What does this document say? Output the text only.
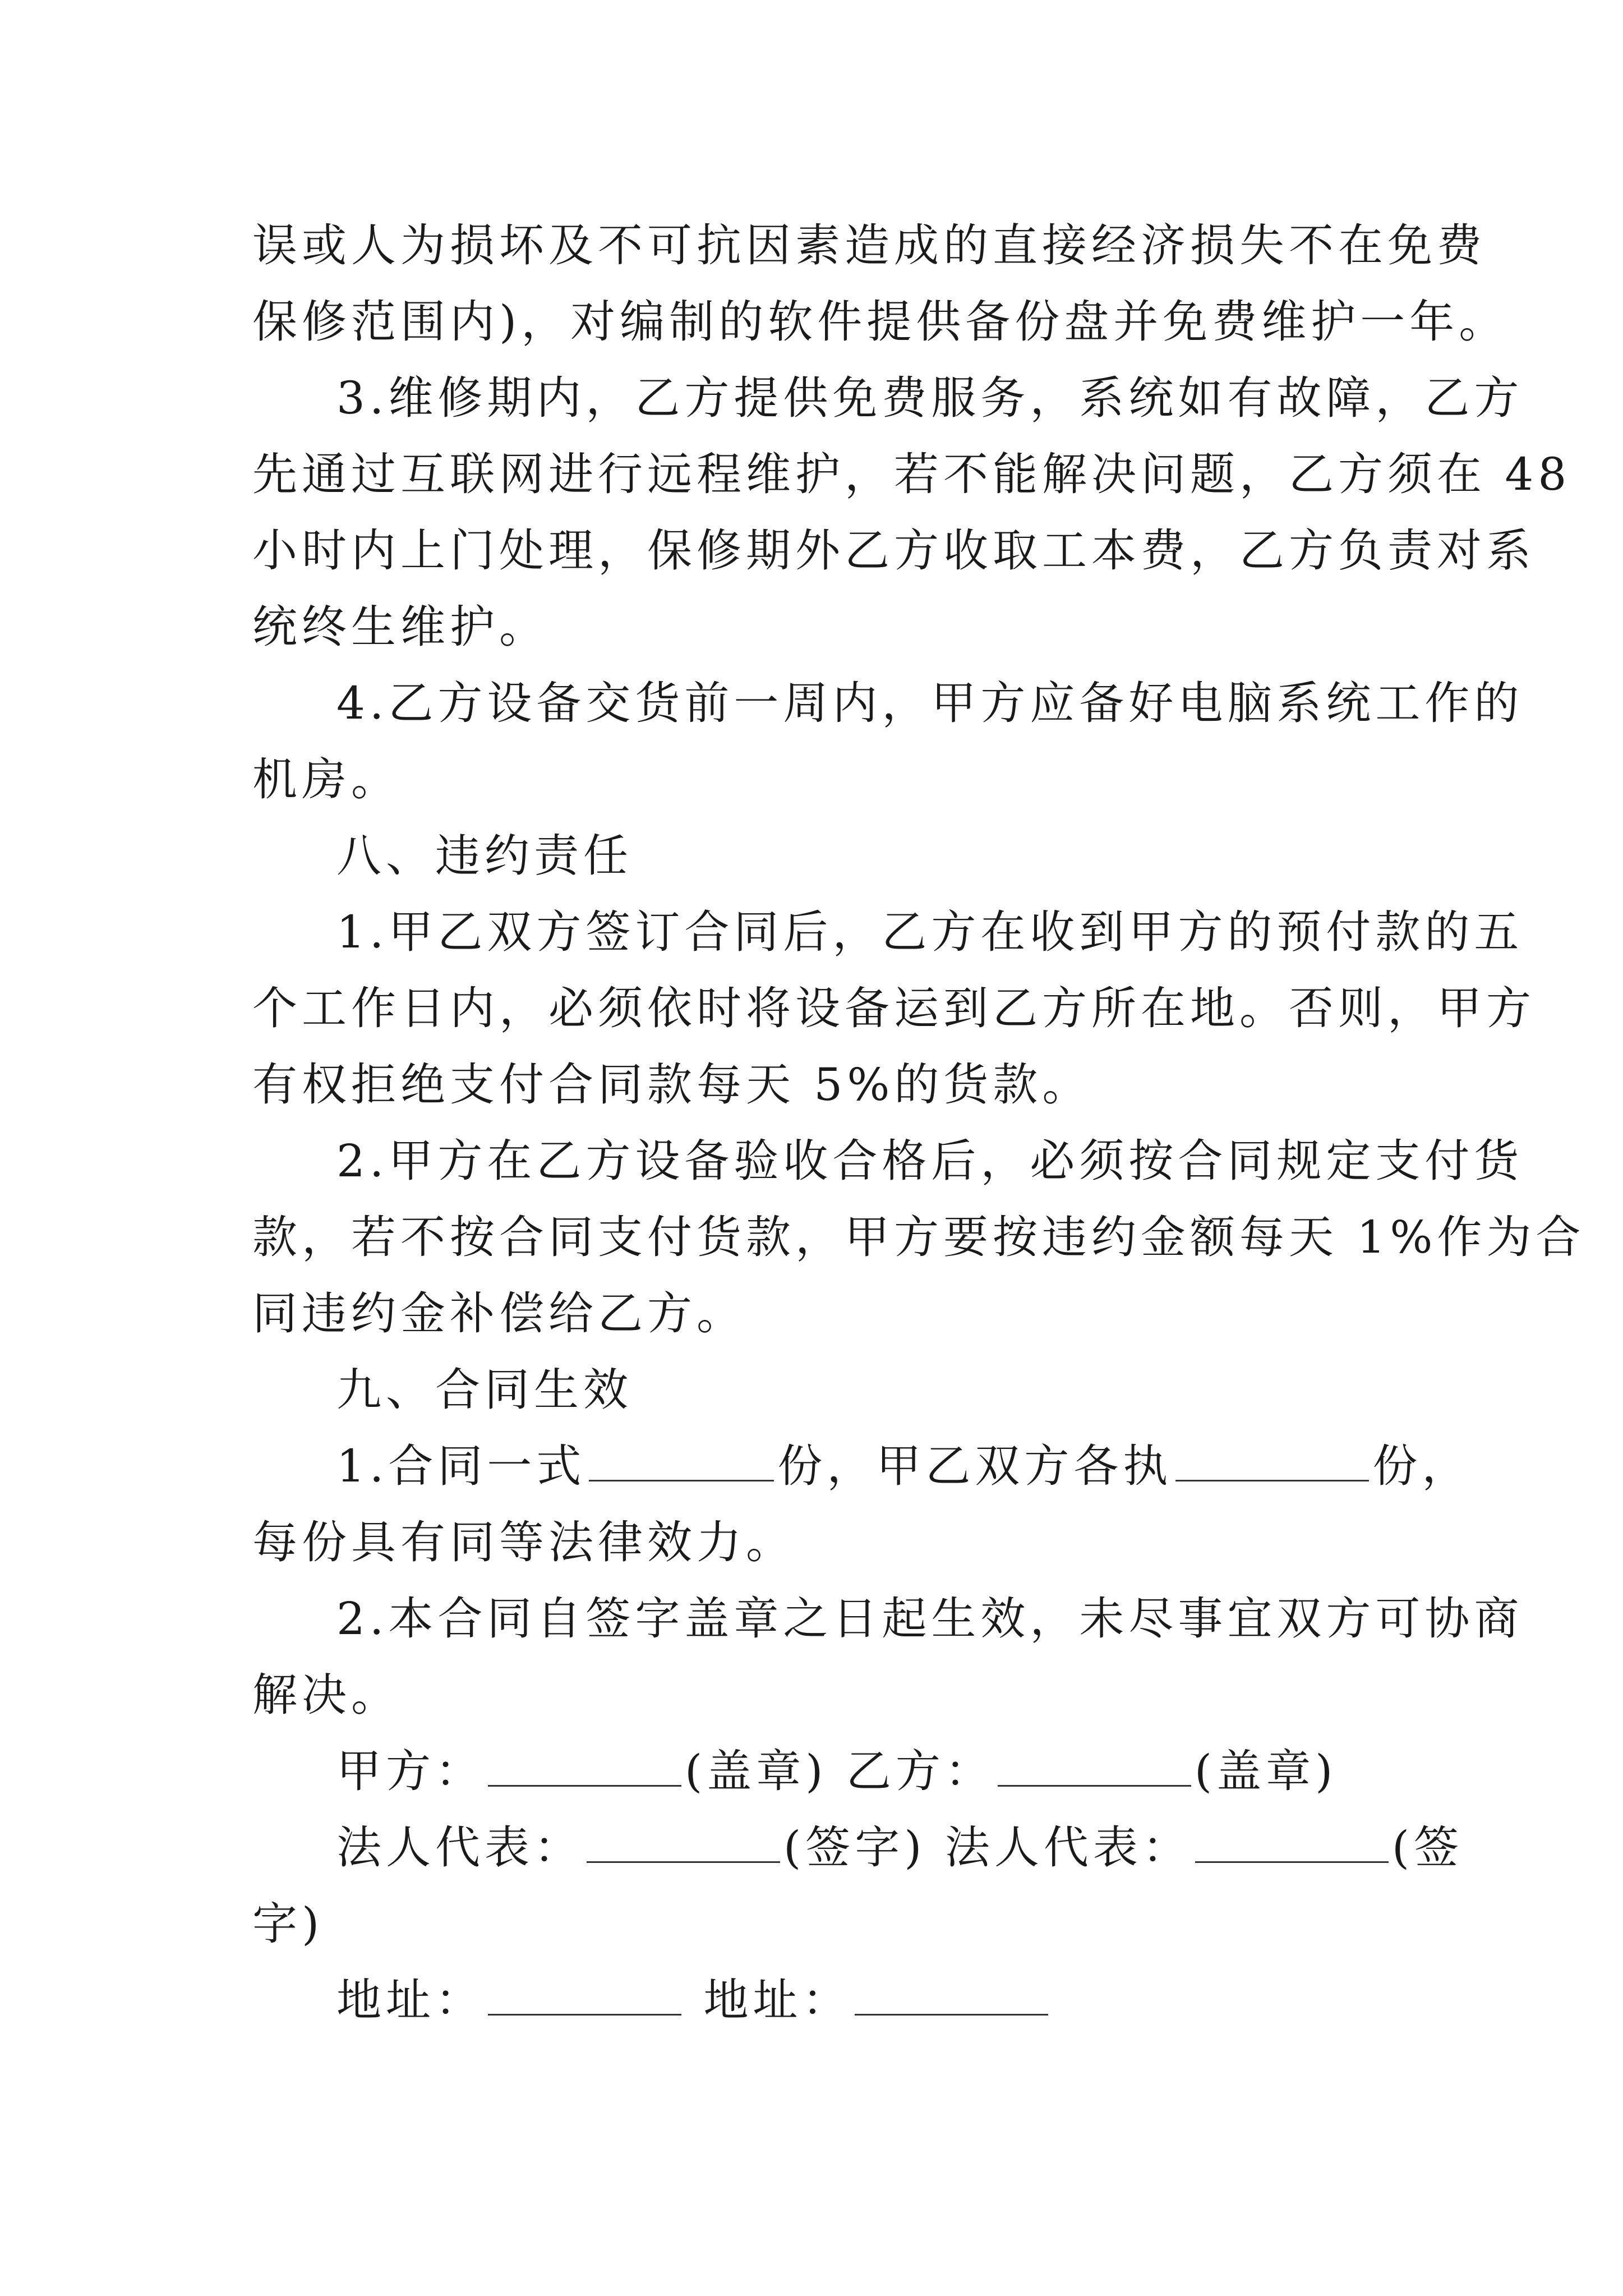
误或人为损坏及不可抗因素造成的直接经济损失不在免费
保修范围内)，对编制的软件提供备份盘并免费维护一年。
3.维修期内，乙方提供免费服务，系统如有故障，乙方
先通过互联网进行远程维护，若不能解决问题，乙方须在 48
小时内上门处理，保修期外乙方收取工本费，乙方负责对系
统终生维护。
4.乙方设备交货前一周内，甲方应备好电脑系统工作的
机房。
八、违约责任
1.甲乙双方签订合同后，乙方在收到甲方的预付款的五
个工作日内，必须依时将设备运到乙方所在地。否则，甲方
有权拒绝支付合同款每天 5%的货款。
2.甲方在乙方设备验收合格后，必须按合同规定支付货
款，若不按合同支付货款，甲方要按违约金额每天 1%作为合
同违约金补偿给乙方。
九、合同生效
1.合同一式	份，甲乙双方各执	份，
每份具有同等法律效力。
2.本合同自签字盖章之日起生效，未尽事宜双方可协商
解决。
甲方：	(盖章) 乙方：	(盖章)
法人代表：	(签字) 法人代表：	(签
字)
地址：	地址：
